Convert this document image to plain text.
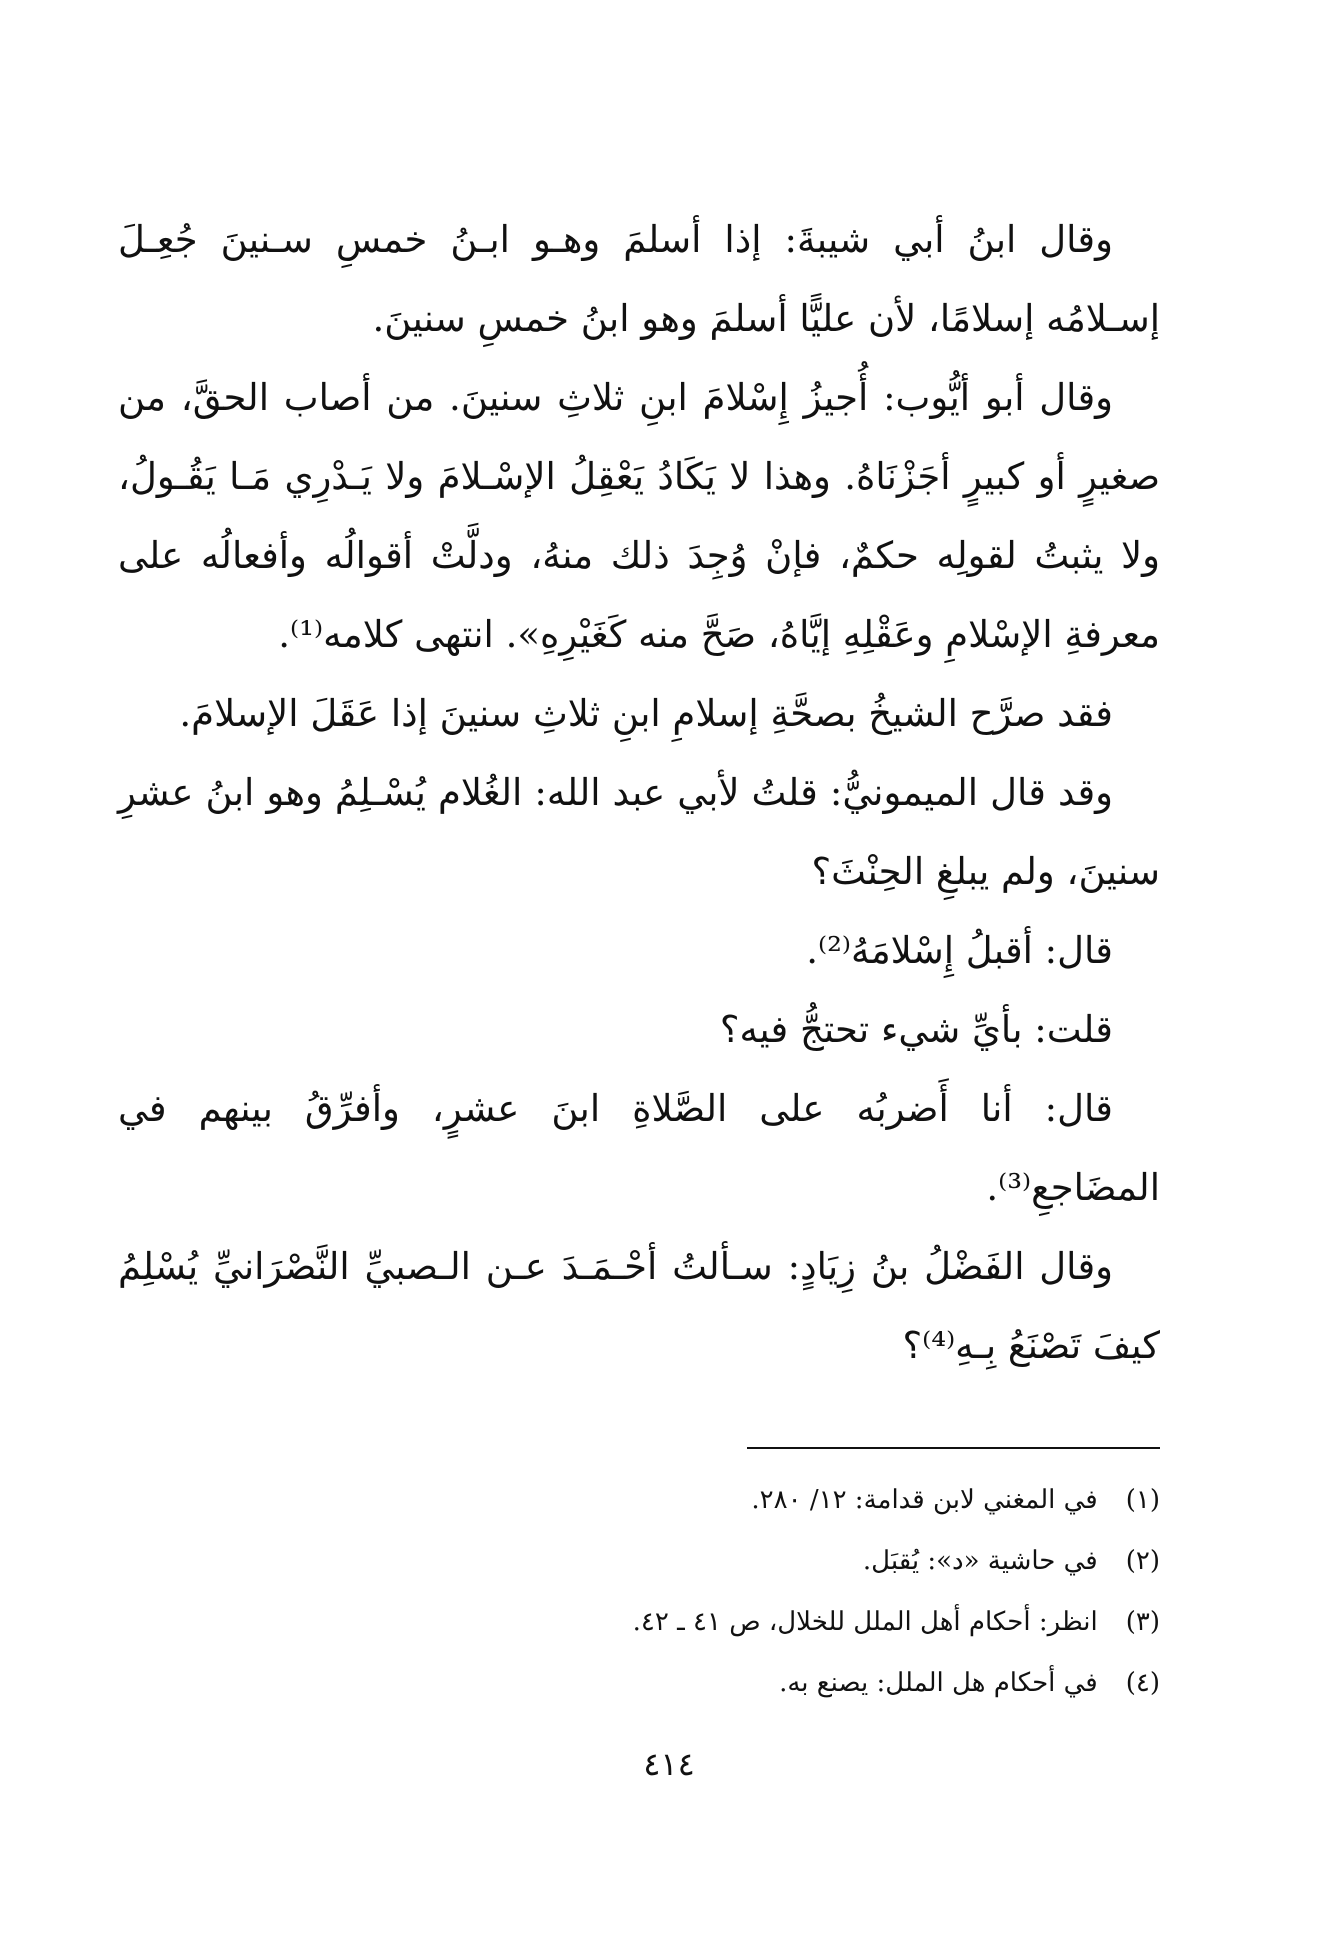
وقال ابنُ أبي شيبةَ: إذا أسلمَ وهـو ابـنُ خمسِ سـنينَ جُعِـلَ إسـلامُه إسلامًا، لأن عليًّا أسلمَ وهو ابنُ خمسِ سنينَ.

وقال أبو أيُّوب: أُجيزُ إِسْلامَ ابنِ ثلاثِ سنينَ. من أصاب الحقَّ، من صغيرٍ أو كبيرٍ أجَزْنَاهُ. وهذا لا يَكَادُ يَعْقِلُ الإسْـلامَ ولا يَـدْرِي مَـا يَقُـولُ، ولا يثبتُ لقولِه حكمٌ، فإنْ وُجِدَ ذلك منهُ، ودلَّتْ أقوالُه وأفعالُه على معرفةِ الإسْلامِ وعَقْلِهِ إيَّاهُ، صَحَّ منه كَغَيْرِهِ». انتهى كلامه⁽¹⁾.

فقد صرَّح الشيخُ بصحَّةِ إسلامِ ابنِ ثلاثِ سنينَ إذا عَقَلَ الإسلامَ.

وقد قال الميمونيُّ: قلتُ لأبي عبد الله: الغُلام يُسْـلِمُ وهو ابنُ عشرِ سنينَ، ولم يبلغِ الحِنْثَ؟

قال: أقبلُ إِسْلامَهُ⁽²⁾.

قلت: بأيِّ شيء تحتجُّ فيه؟

قال: أنا أَضربُه على الصَّلاةِ ابنَ عشرٍ، وأفرِّقُ بينهم في المضَاجعِ⁽³⁾.

وقال الفَضْلُ بنُ زِيَادٍ: سـألتُ أحْـمَـدَ عـن الـصبيِّ النَّصْرَانيِّ يُسْلِمُ كيفَ تَصْنَعُ بِـهِ⁽⁴⁾؟

(١) في المغني لابن قدامة: ١٢/ ٢٨٠.
(٢) في حاشية «د»: يُقبَل.
(٣) انظر: أحكام أهل الملل للخلال، ص ٤١ ـ ٤٢.
(٤) في أحكام هل الملل: يصنع به.
٤١٤
